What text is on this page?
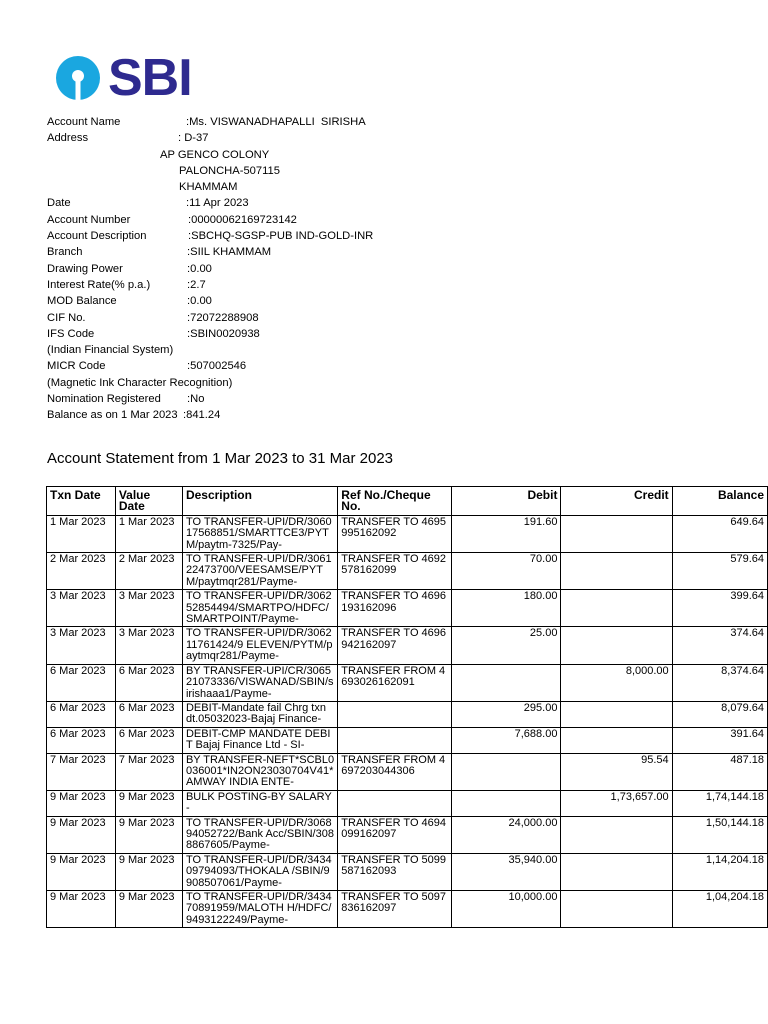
SBI
Account Name	:Ms. VISWANADHAPALLI  SIRISHA
Address	: D-37
AP GENCO COLONY
PALONCHA-507115
KHAMMAM
Date	:11 Apr 2023
Account Number	:00000062169723142
Account Description	:SBCHQ-SGSP-PUB IND-GOLD-INR
Branch	:SIIL KHAMMAM
Drawing Power	:0.00
Interest Rate(% p.a.)	:2.7
MOD Balance	:0.00
CIF No.	:72072288908
IFS Code	:SBIN0020938
(Indian Financial System)
MICR Code	:507002546
(Magnetic Ink Character Recognition)
Nomination Registered	:No
Balance as on 1 Mar 2023 :841.24
Account Statement from 1 Mar 2023 to 31 Mar 2023
Txn Date	Value Date	Description	Ref No./Cheque No.	Debit	Credit	Balance
1 Mar 2023	1 Mar 2023	TO TRANSFER-UPI/DR/306017568851/SMARTTCE3/PYTM/paytm-7325/Pay-	TRANSFER TO 4695995162092	191.60		649.64
2 Mar 2023	2 Mar 2023	TO TRANSFER-UPI/DR/306122473700/VEESAMSE/PYTM/paytmqr281/Payme-	TRANSFER TO 4692578162099	70.00		579.64
3 Mar 2023	3 Mar 2023	TO TRANSFER-UPI/DR/306252854494/SMARTPO/HDFC/SMARTPOINT/Payme-	TRANSFER TO 4696193162096	180.00		399.64
3 Mar 2023	3 Mar 2023	TO TRANSFER-UPI/DR/306211761424/9 ELEVEN/PYTM/paytmqr281/Payme-	TRANSFER TO 4696942162097	25.00		374.64
6 Mar 2023	6 Mar 2023	BY TRANSFER-UPI/CR/306521073336/VISWANAD/SBIN/sirishaaa1/Payme-	TRANSFER FROM 4693026162091		8,000.00	8,374.64
6 Mar 2023	6 Mar 2023	DEBIT-Mandate fail Chrg txn dt.05032023-Bajaj Finance-		295.00		8,079.64
6 Mar 2023	6 Mar 2023	DEBIT-CMP MANDATE DEBIT Bajaj Finance Ltd - SI-		7,688.00		391.64
7 Mar 2023	7 Mar 2023	BY TRANSFER-NEFT*SCBL0036001*IN2ON23030704V41*AMWAY INDIA ENTE-	TRANSFER FROM 4697203044306		95.54	487.18
9 Mar 2023	9 Mar 2023	BULK POSTING-BY SALARY-			1,73,657.00	1,74,144.18
9 Mar 2023	9 Mar 2023	TO TRANSFER-UPI/DR/306894052722/Bank Acc/SBIN/3088867605/Payme-	TRANSFER TO 4694099162097	24,000.00		1,50,144.18
9 Mar 2023	9 Mar 2023	TO TRANSFER-UPI/DR/343409794093/THOKALA /SBIN/9908507061/Payme-	TRANSFER TO 5099587162093	35,940.00		1,14,204.18
9 Mar 2023	9 Mar 2023	TO TRANSFER-UPI/DR/343470891959/MALOTH H/HDFC/9493122249/Payme-	TRANSFER TO 5097836162097	10,000.00		1,04,204.18
